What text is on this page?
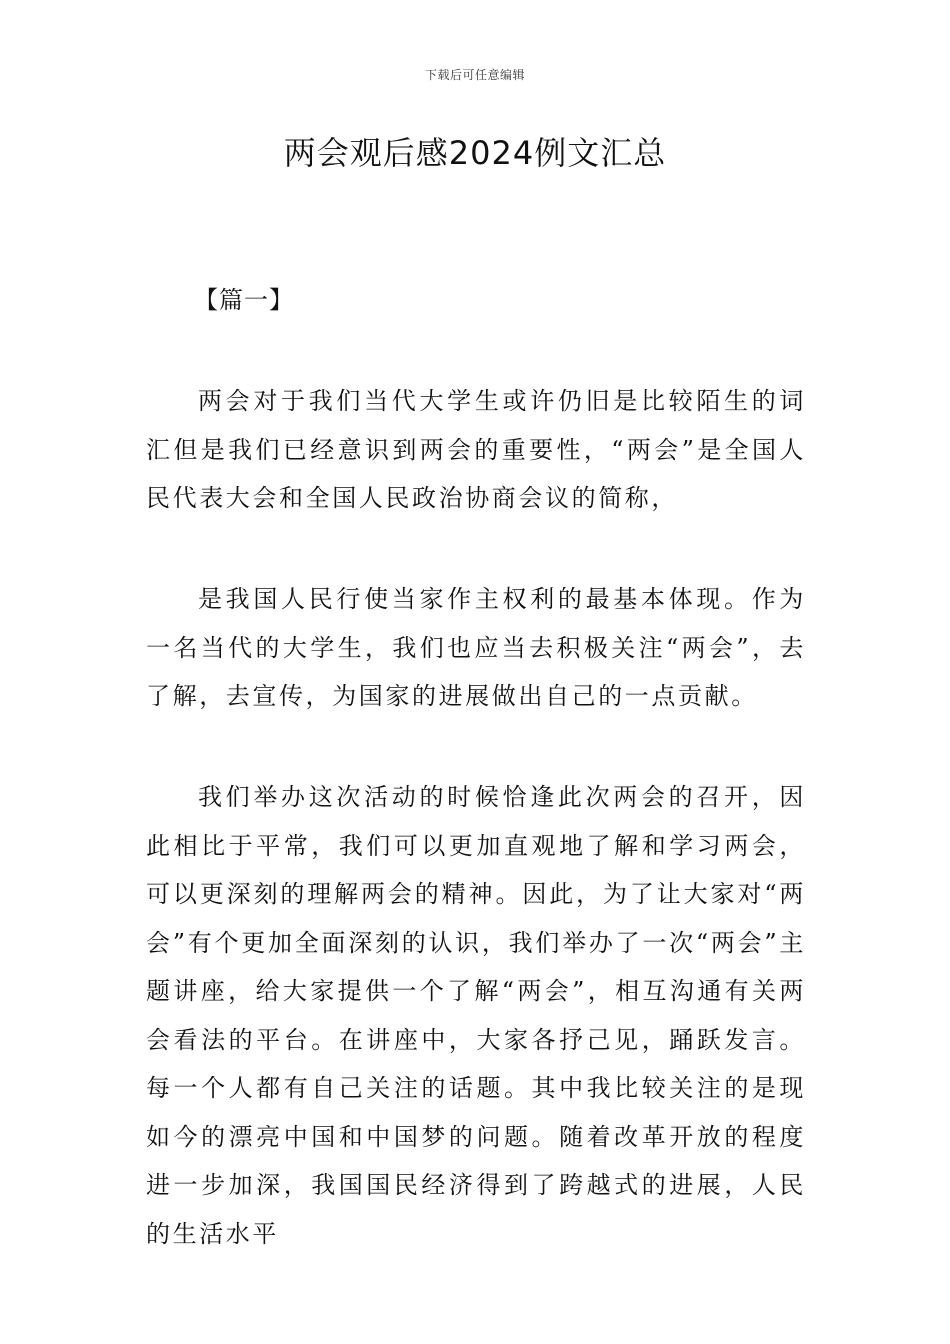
下载后可任意编辑
两会观后感2024例文汇总
【篇一】

两会对于我们当代大学生或许仍旧是比较陌生的词汇但是我们已经意识到两会的重要性，“两会”是全国人民代表大会和全国人民政治协商会议的简称，

是我国人民行使当家作主权利的最基本体现。作为一名当代的大学生，我们也应当去积极关注“两会”，去了解，去宣传，为国家的进展做出自己的一点贡献。

我们举办这次活动的时候恰逢此次两会的召开，因此相比于平常，我们可以更加直观地了解和学习两会，可以更深刻的理解两会的精神。因此，为了让大家对“两会”有个更加全面深刻的认识，我们举办了一次“两会”主题讲座，给大家提供一个了解“两会”，相互沟通有关两会看法的平台。在讲座中，大家各抒己见，踊跃发言。每一个人都有自己关注的话题。其中我比较关注的是现如今的漂亮中国和中国梦的问题。随着改革开放的程度进一步加深，我国国民经济得到了跨越式的进展，人民的生活水平
